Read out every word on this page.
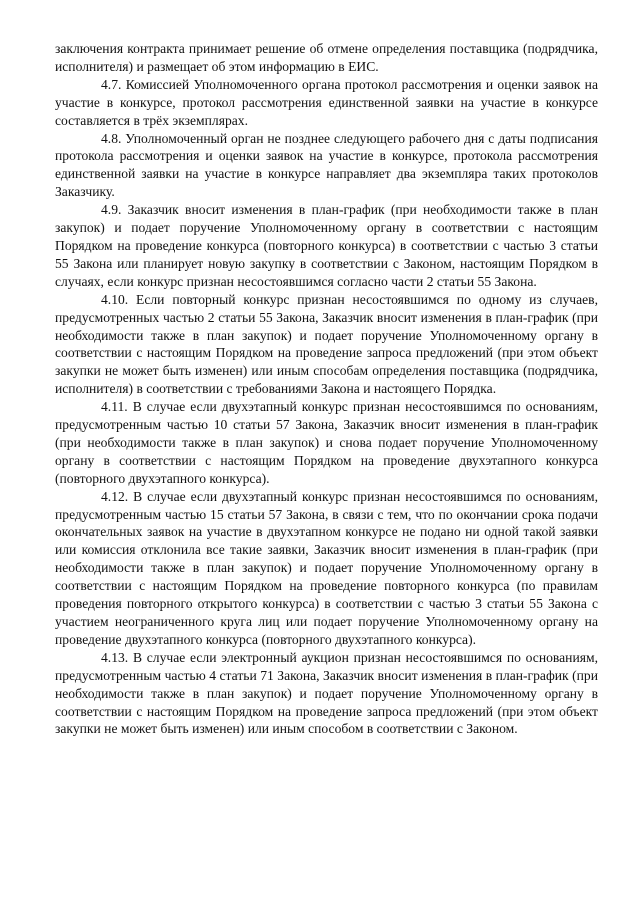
заключения контракта принимает решение об отмене определения поставщика (подрядчика, исполнителя) и размещает об этом информацию в ЕИС.

4.7. Комиссией Уполномоченного органа протокол рассмотрения и оценки заявок на участие в конкурсе, протокол рассмотрения единственной заявки на участие в конкурсе составляется в трёх экземплярах.

4.8. Уполномоченный орган не позднее следующего рабочего дня с даты подписания протокола рассмотрения и оценки заявок на участие в конкурсе, протокола рассмотрения единственной заявки на участие в конкурсе направляет два экземпляра таких протоколов Заказчику.

4.9. Заказчик вносит изменения в план-график (при необходимости также в план закупок) и подает поручение Уполномоченному органу в соответствии с настоящим Порядком на проведение конкурса (повторного конкурса) в соответствии с частью 3 статьи 55 Закона или планирует новую закупку в соответствии с Законом, настоящим Порядком в случаях, если конкурс признан несостоявшимся согласно части 2 статьи 55 Закона.

4.10. Если повторный конкурс признан несостоявшимся по одному из случаев, предусмотренных частью 2 статьи 55 Закона, Заказчик вносит изменения в план-график (при необходимости также в план закупок) и подает поручение Уполномоченному органу в соответствии с настоящим Порядком на проведение запроса предложений (при этом объект закупки не может быть изменен) или иным способам определения поставщика (подрядчика, исполнителя) в соответствии с требованиями Закона и настоящего Порядка.

4.11. В случае если двухэтапный конкурс признан несостоявшимся по основаниям, предусмотренным частью 10 статьи 57 Закона, Заказчик вносит изменения в план-график (при необходимости также в план закупок) и снова подает поручение Уполномоченному органу в соответствии с настоящим Порядком на проведение двухэтапного конкурса (повторного двухэтапного конкурса).

4.12. В случае если двухэтапный конкурс признан несостоявшимся по основаниям, предусмотренным частью 15 статьи 57 Закона, в связи с тем, что по окончании срока подачи окончательных заявок на участие в двухэтапном конкурсе не подано ни одной такой заявки или комиссия отклонила все такие заявки, Заказчик вносит изменения в план-график (при необходимости также в план закупок) и подает поручение Уполномоченному органу в соответствии с настоящим Порядком на проведение повторного конкурса (по правилам проведения повторного открытого конкурса) в соответствии с частью 3 статьи 55 Закона с участием неограниченного круга лиц или подает поручение Уполномоченному органу на проведение двухэтапного конкурса (повторного двухэтапного конкурса).

4.13. В случае если электронный аукцион признан несостоявшимся по основаниям, предусмотренным частью 4 статьи 71 Закона, Заказчик вносит изменения в план-график (при необходимости также в план закупок) и подает поручение Уполномоченному органу в соответствии с настоящим Порядком на проведение запроса предложений (при этом объект закупки не может быть изменен) или иным способом в соответствии с Законом.
